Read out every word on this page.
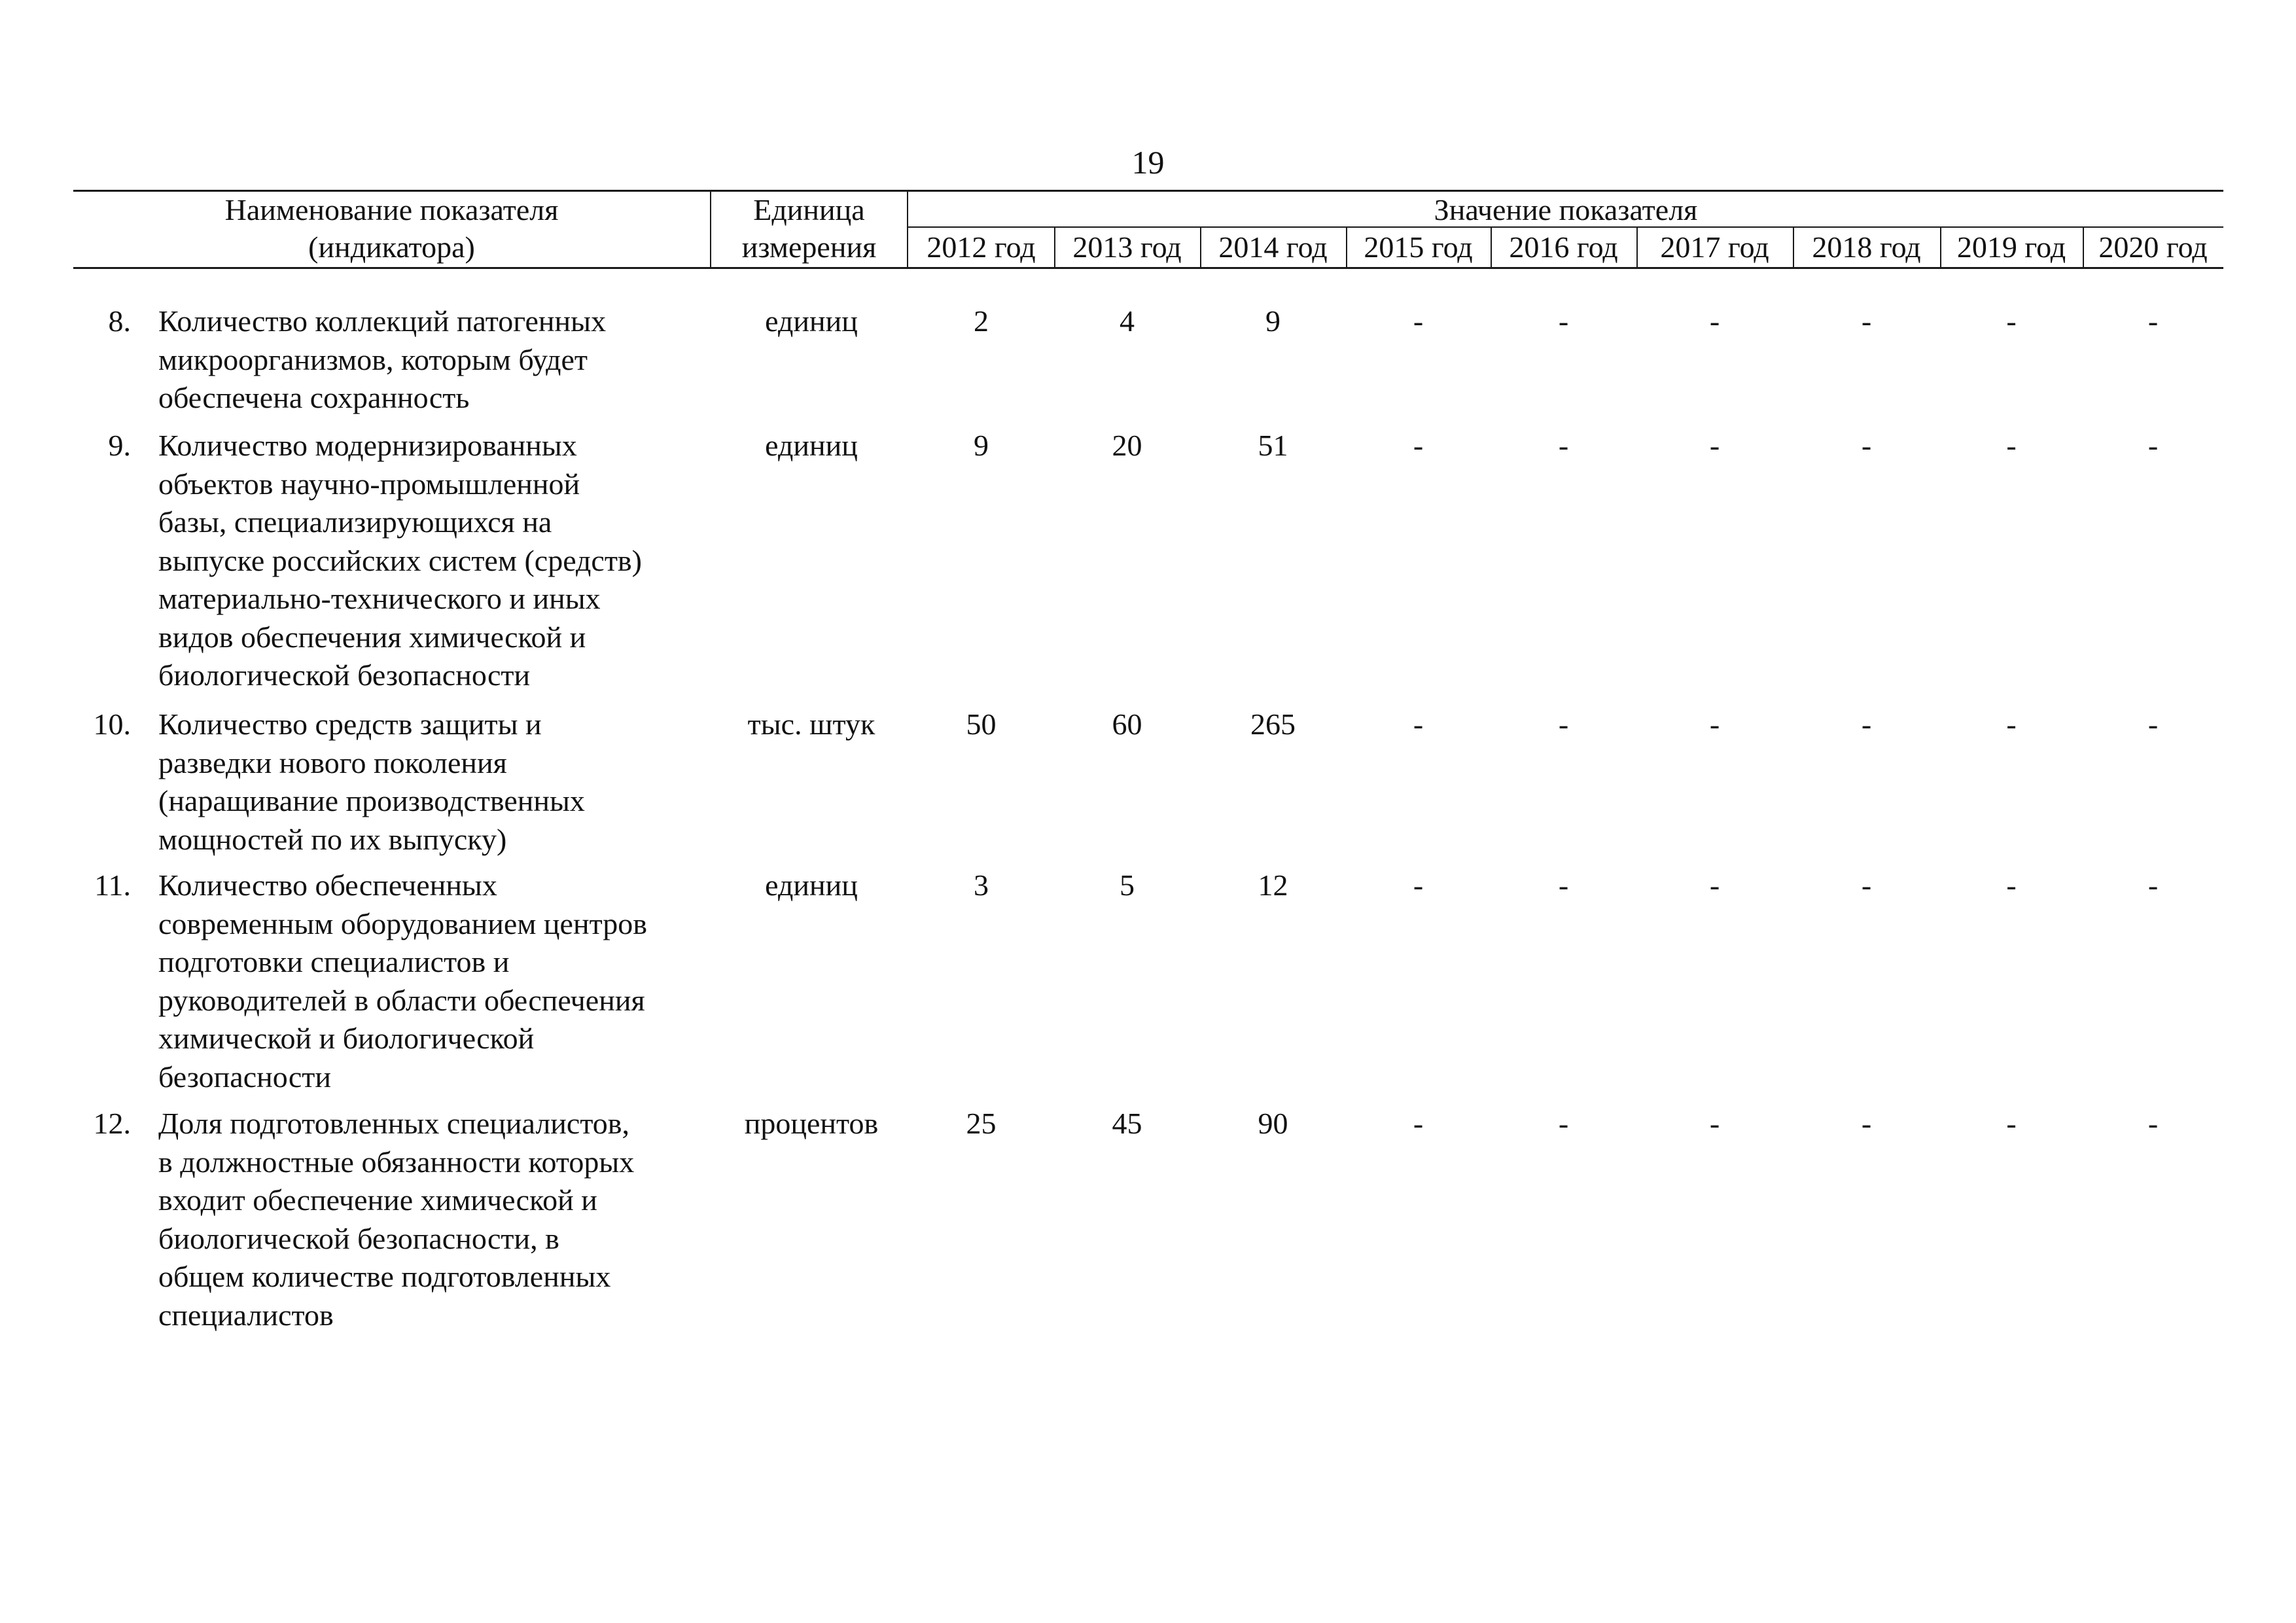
19
Наименование показателя
(индикатора)
Единица
измерения
Значение показателя
2012 год	2013 год	2014 год	2015 год	2016 год	2017 год	2018 год	2019 год	2020 год
8. Количество коллекций патогенных
микроорганизмов, которым будет
обеспечена сохранность
единиц	2	4	9	-	-	-	-	-	-
9. Количество модернизированных
объектов научно-промышленной
базы, специализирующихся на
выпуске российских систем (средств)
материально-технического и иных
видов обеспечения химической и
биологической безопасности
единиц	9	20	51	-	-	-	-	-	-
10. Количество средств защиты и
разведки нового поколения
(наращивание производственных
мощностей по их выпуску)
тыс. штук	50	60	265	-	-	-	-	-	-
11. Количество обеспеченных
современным оборудованием центров
подготовки специалистов и
руководителей в области обеспечения
химической и биологической
безопасности
единиц	3	5	12	-	-	-	-	-	-
12. Доля подготовленных специалистов,
в должностные обязанности которых
входит обеспечение химической и
биологической безопасности, в
общем количестве подготовленных
специалистов
процентов	25	45	90	-	-	-	-	-	-
